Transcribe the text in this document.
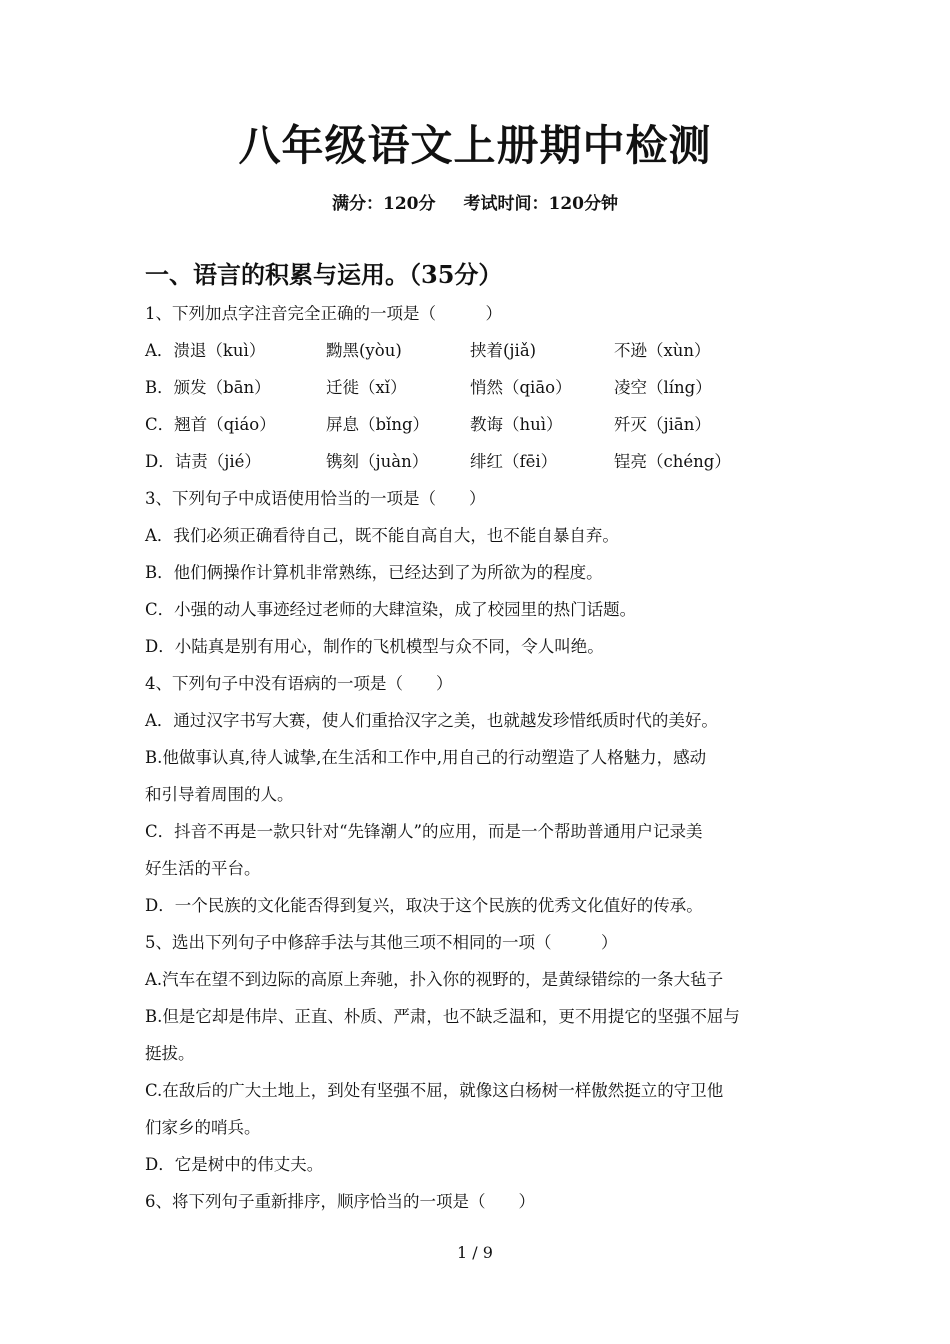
八年级语文上册期中检测
满分：120分 考试时间：120分钟
一、语言的积累与运用。（35分）
1、下列加点字注音完全正确的一项是（　　　）
A．溃退（kuì）	黝黑(yòu)	挟着(jiǎ)	不逊（xùn）
B．颁发（bān）	迁徙（xǐ）	悄然（qiāo）	凌空（líng）
C．翘首（qiáo）	屏息（bǐng） 教诲（huì）	歼灭（jiān）
D．诘责（jié）	镌刻（juàn）	绯红（fēi）	锃亮（chéng）
3、下列句子中成语使用恰当的一项是（　　）
A．我们必须正确看待自己，既不能自高自大，也不能自暴自弃。
B．他们俩操作计算机非常熟练，已经达到了为所欲为的程度。
C．小强的动人事迹经过老师的大肆渲染，成了校园里的热门话题。
D．小陆真是别有用心，制作的飞机模型与众不同，令人叫绝。
4、下列句子中没有语病的一项是（　　）
A．通过汉字书写大赛，使人们重拾汉字之美，也就越发珍惜纸质时代的美好。
B.他做事认真,待人诚挚,在生活和工作中,用自己的行动塑造了人格魅力，感动
和引导着周围的人。
C．抖音不再是一款只针对“先锋潮人”的应用，而是一个帮助普通用户记录美
好生活的平台。
D．一个民族的文化能否得到复兴，取决于这个民族的优秀文化值好的传承。
5、选出下列句子中修辞手法与其他三项不相同的一项（　　　）
A.汽车在望不到边际的高原上奔驰，扑入你的视野的，是黄绿错综的一条大毡子
B.但是它却是伟岸、正直、朴质、严肃，也不缺乏温和，更不用提它的坚强不屈与
挺拔。
C.在敌后的广大土地上，到处有坚强不屈，就像这白杨树一样傲然挺立的守卫他
们家乡的哨兵。
D．它是树中的伟丈夫。
6、将下列句子重新排序，顺序恰当的一项是（　　）
1 / 9
